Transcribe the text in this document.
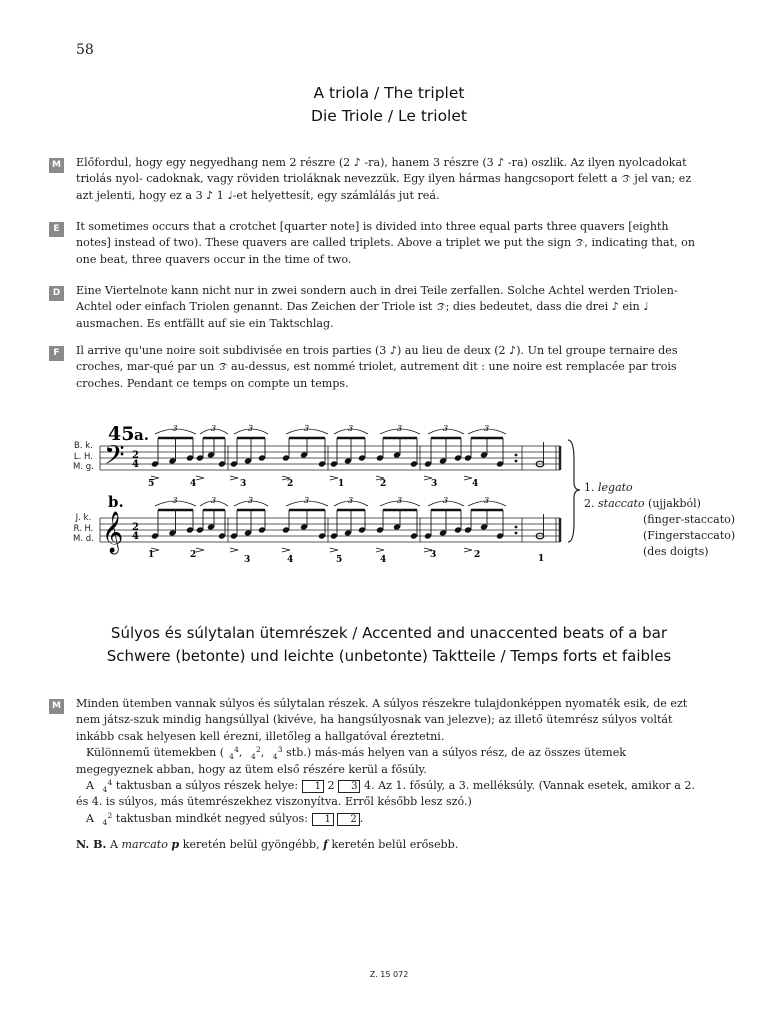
58
A triola / The triplet
Die Triole / Le triolet
M Előfordul, hogy egy negyedhang nem 2 részre (2 ♪ -ra), hanem 3 részre (3 ♪ -ra) oszlik. Az ilyen nyolcadokat triolás nyol- cadoknak, vagy röviden trioláknak nevezzük. Egy ilyen hármas hangcsoport felett a 3 jel van; ez azt jelenti, hogy ez a 3 ♪ 1 ♩-et helyettesít, egy számlálás jut reá.

E	It sometimes occurs that a crotchet [quarter note] is divided into three equal parts three quavers [eighth notes] instead of two). These quavers are called triplets. Above a triplet we put the sign 3 , indicating that, on one beat, three quavers occur in the time of two.

D	Eine Viertelnote kann nicht nur in zwei sondern auch in drei Teile zerfallen. Solche Achtel werden Triolen-Achtel oder einfach Triolen genannt. Das Zeichen der Triole ist 3 ; dies bedeutet, dass die drei ♪ ein ♩ ausmachen. Es entfällt auf sie ein Taktschlag.

F	Il arrive qu'une noire soit subdivisée en trois parties (3 ♪) au lieu de deux (2 ♪). Un tel groupe ternaire des croches, mar-qué par un 3 au-dessus, est nommé triolet, autrement dit : une noire est remplacée par trois croches. Pendant ce temps on compte un temps.

45 a.
b.
𝄢
𝄞
2
4
2
4
3	3	3	3	3	3	3	3
3	3	3	3	3	3	3	3
5	4	3	2	1	2	3	4
1	2	3	4	5	4	3	2	1
B. k.
L. H.
M. g.
J. k.
R. H.
M. d.
1. legato
2. staccato (ujjakból)
(finger-staccato)
(Fingerstaccato)
(des doigts)
Súlyos és súlytalan ütemrészek / Accented and unaccented beats of a bar
Schwere (betonte) und leichte (unbetonte) Taktteile / Temps forts et faibles
M Minden ütemben vannak súlyos és súlytalan részek. A súlyos részekre tulajdonképpen nyomaték esik, de ezt nem játsz-szuk mindig hangsúllyal (kivéve, ha hangsúlyosnak van jelezve); az illető ütemrész súlyos voltát inkább csak helyesen kell érezni, illetőleg a hallgatóval éreztetni.

Különnemű ütemekben ( 4
4 , 2
4 , 3
4 stb.) más-más helyen van a súlyos rész, de az összes ütemek megegyeznek abban, hogy az ütem első részére kerül a fősúly.

A 4
4 taktusban a súlyos részek helye: 1 2 3 4. Az 1. fősúly, a 3. melléksúly. (Vannak esetek, amikor a 2. és 4. is súlyos, más ütemrészekhez viszonyítva. Erről később lesz szó.)

A 2
4 taktusban mindkét negyed súlyos: 1 2 .

N. B. A marcato p keretén belül gyöngébb, f keretén belül erősebb.
Z. 15 072
